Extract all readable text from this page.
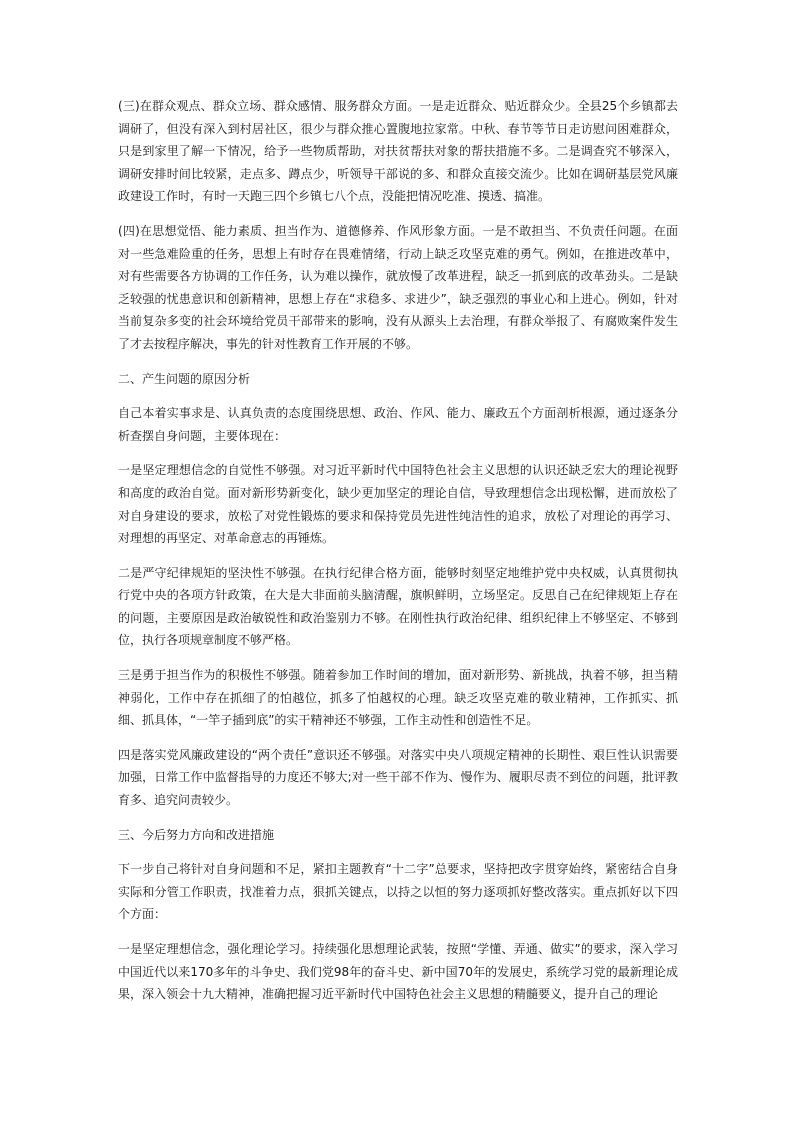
(三)在群众观点、群众立场、群众感情、服务群众方面。一是走近群众、贴近群众少。全县25个乡镇都去调研了，但没有深入到村居社区，很少与群众推心置腹地拉家常。中秋、春节等节日走访慰问困难群众，只是到家里了解一下情况，给予一些物质帮助，对扶贫帮扶对象的帮扶措施不多。二是调查究不够深入，调研安排时间比较紧，走点多、蹲点少，听领导干部说的多、和群众直接交流少。比如在调研基层党风廉政建设工作时，有时一天跑三四个乡镇七八个点，没能把情况吃准、摸透、搞准。

(四)在思想觉悟、能力素质、担当作为、道德修养、作风形象方面。一是不敢担当、不负责任问题。在面对一些急难险重的任务，思想上有时存在畏难情绪，行动上缺乏攻坚克难的勇气。例如，在推进改革中，对有些需要各方协调的工作任务，认为难以操作，就放慢了改革进程，缺乏一抓到底的改革劲头。二是缺乏较强的忧患意识和创新精神，思想上存在“求稳多、求进少”，缺乏强烈的事业心和上进心。例如，针对当前复杂多变的社会环境给党员干部带来的影响，没有从源头上去治理，有群众举报了、有腐败案件发生了才去按程序解决，事先的针对性教育工作开展的不够。

二、产生问题的原因分析

自己本着实事求是、认真负责的态度围绕思想、政治、作风、能力、廉政五个方面剖析根源，通过逐条分析查摆自身问题，主要体现在：

一是坚定理想信念的自觉性不够强。对习近平新时代中国特色社会主义思想的认识还缺乏宏大的理论视野和高度的政治自觉。面对新形势新变化，缺少更加坚定的理论自信，导致理想信念出现松懈，进而放松了对自身建设的要求，放松了对党性锻炼的要求和保持党员先进性纯洁性的追求，放松了对理论的再学习、对理想的再坚定、对革命意志的再锤炼。

二是严守纪律规矩的坚決性不够强。在执行纪律合格方面，能够时刻坚定地维护党中央权威，认真贯彻执行党中央的各项方针政策，在大是大非面前头脑清醒，旗帜鲜明，立场坚定。反思自己在纪律规矩上存在的问题，主要原因是政治敏锐性和政治鉴别力不够。在刚性执行政治纪律、组织纪律上不够坚定、不够到位，执行各项规章制度不够严格。

三是勇于担当作为的积极性不够强。随着参加工作时间的增加，面对新形势、新挑战，执着不够，担当精神弱化，工作中存在抓细了的怕越位，抓多了怕越权的心理。缺乏攻坚克难的敬业精神，工作抓实、抓细、抓具体，“一竿子插到底”的实干精神还不够强，工作主动性和创造性不足。

四是落实党风廉政建设的“两个责任”意识还不够强。对落实中央八项规定精神的长期性、艰巨性认识需要加强，日常工作中监督指导的力度还不够大;对一些干部不作为、慢作为、履职尽责不到位的问题，批评教育多、追究问责较少。

三、今后努力方向和改进措施

下一步自己将针对自身问题和不足，紧扣主题教育“十二字”总要求，坚持把改字贯穿始终，紧密结合自身实际和分管工作职责，找准着力点，狠抓关键点，以持之以恒的努力逐项抓好整改落实。重点抓好以下四个方面：

一是坚定理想信念，强化理论学习。持续强化思想理论武装，按照“学懂、弄通、做实”的要求，深入学习中国近代以来170多年的斗争史、我们党98年的奋斗史、新中国70年的发展史，系统学习党的最新理论成果，深入领会十九大精神，准确把握习近平新时代中国特色社会主义思想的精髓要义，提升自己的理论
